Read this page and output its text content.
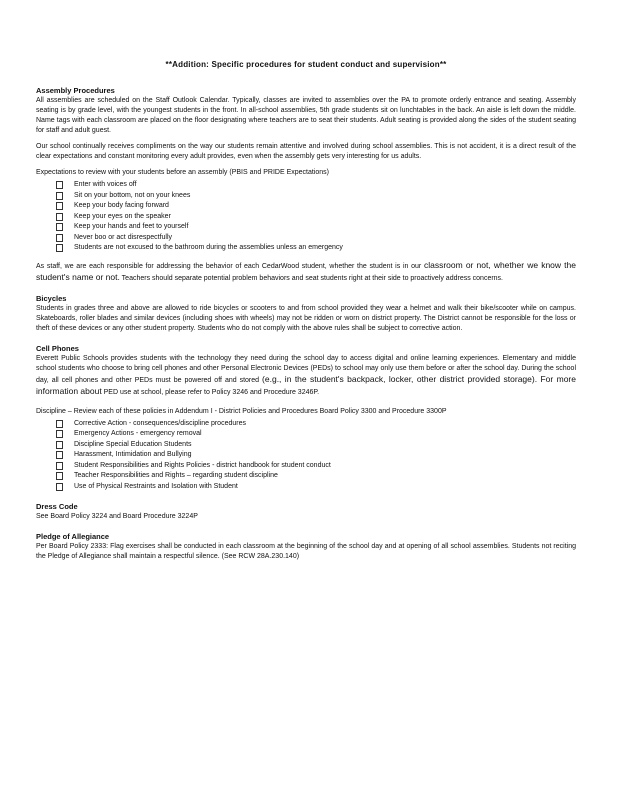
**Addition: Specific procedures for student conduct and supervision**

Assembly Procedures

All assemblies are scheduled on the Staff Outlook Calendar. Typically, classes are invited to assemblies over the PA to promote orderly entrance and seating. Assembly seating is by grade level, with the youngest students in the front. In all-school assemblies, 5th grade students sit on lunchtables in the back. An aisle is left down the middle. Name tags with each classroom are placed on the floor designating where teachers are to seat their students. Adult seating is provided along the sides of the student seating for staff and adult guest.

Our school continually receives compliments on the way our students remain attentive and involved during school assemblies. This is not accident, it is a direct result of the clear expectations and constant monitoring every adult provides, even when the assembly gets very interesting for us adults.

Expectations to review with your students before an assembly (PBIS and PRIDE Expectations)

Enter with voices off
Sit on your bottom, not on your knees
Keep your body facing forward
Keep your eyes on the speaker
Keep your hands and feet to yourself
Never boo or act disrespectfully
Students are not excused to the bathroom during the assemblies unless an emergency

As staff, we are each responsible for addressing the behavior of each CedarWood student, whether the student is in our classroom or not, whether we know the student's name or not. Teachers should separate potential problem behaviors and seat students right at their side to proactively address concerns.

Bicycles

Students in grades three and above are allowed to ride bicycles or scooters to and from school provided they wear a helmet and walk their bike/scooter while on campus. Skateboards, roller blades and similar devices (including shoes with wheels) may not be ridden or worn on district property. The District cannot be responsible for the loss or theft of these devices or any other student property. Students who do not comply with the above rules shall be subject to corrective action.

Cell Phones

Everett Public Schools provides students with the technology they need during the school day to access digital and online learning experiences. Elementary and middle school students who choose to bring cell phones and other Personal Electronic Devices (PEDs) to school may only use them before or after the school day. During the school day, all cell phones and other PEDs must be powered off and stored (e.g., in the student's backpack, locker, other district provided storage). For more information about PED use at school, please refer to Policy 3246 and Procedure 3246P.

Discipline – Review each of these policies in Addendum I - District Policies and Procedures Board Policy 3300 and Procedure 3300P

Corrective Action - consequences/discipline procedures
Emergency Actions - emergency removal
Discipline Special Education Students
Harassment, Intimidation and Bullying
Student Responsibilities and Rights Policies - district handbook for student conduct
Teacher Responsibilities and Rights – regarding student discipline
Use of Physical Restraints and Isolation with Student

Dress Code

See Board Policy 3224 and Board Procedure 3224P

Pledge of Allegiance

Per Board Policy 2333: Flag exercises shall be conducted in each classroom at the beginning of the school day and at opening of all school assemblies. Students not reciting the Pledge of Allegiance shall maintain a respectful silence. (See RCW 28A.230.140)
